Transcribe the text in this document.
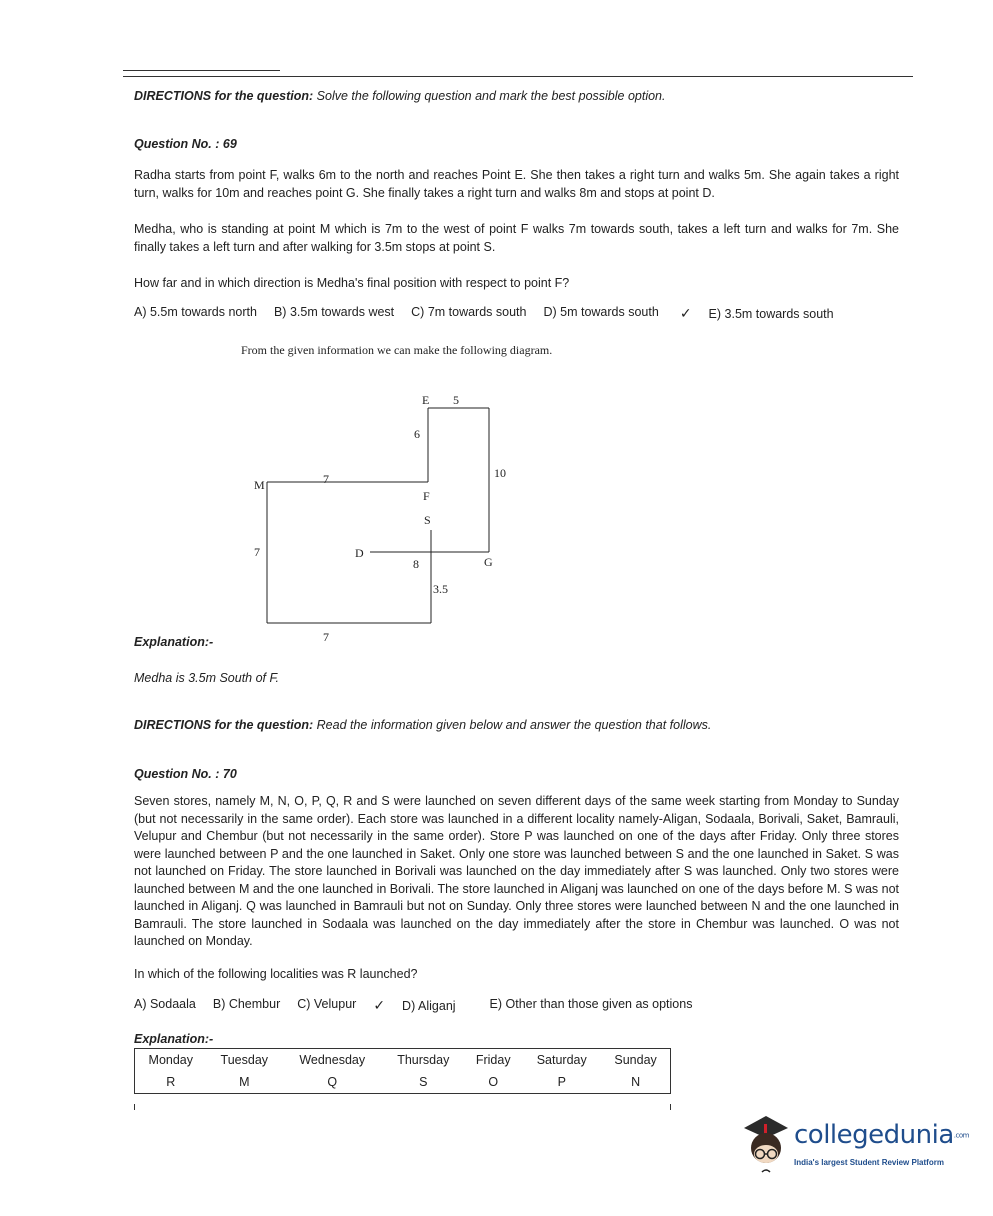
DIRECTIONS for the question: Solve the following question and mark the best possible option.
Question No. : 69
Radha starts from point F, walks 6m to the north and reaches Point E. She then takes a right turn and walks 5m. She again takes a right turn, walks for 10m and reaches point G. She finally takes a right turn and walks 8m and stops at point D.
Medha, who is standing at point M which is 7m to the west of point F walks 7m towards south, takes a left turn and walks for 7m. She finally takes a left turn and after walking for 3.5m stops at point S.
How far and in which direction is Medha's final position with respect to point F?
A) 5.5m towards north B) 3.5m towards west C) 7m towards south D) 5m towards south ✓ E) 3.5m towards south
From the given information we can make the following diagram.
E 5
6
10
M	7
F
S
7	D
8	G
3.5
7
Explanation:-
Medha is 3.5m South of F.
DIRECTIONS for the question: Read the information given below and answer the question that follows.
Question No. : 70
Seven stores, namely M, N, O, P, Q, R and S were launched on seven different days of the same week starting from Monday to Sunday (but not necessarily in the same order). Each store was launched in a different locality namely-Aligan, Sodaala, Borivali, Saket, Bamrauli, Velupur and Chembur (but not necessarily in the same order). Store P was launched on one of the days after Friday. Only three stores were launched between P and the one launched in Saket. Only one store was launched between S and the one launched in Saket. S was not launched on Friday. The store launched in Borivali was launched on the day immediately after S was launched. Only two stores were launched between M and the one launched in Borivali. The store launched in Aliganj was launched on one of the days before M. S was not launched in Aliganj. Q was launched in Bamrauli but not on Sunday. Only three stores were launched between N and the one launched in Bamrauli. The store launched in Sodaala was launched on the day immediately after the store in Chembur was launched. O was not launched on Monday.
In which of the following localities was R launched?
A) Sodaala B) Chembur C) Velupur ✓ D) Aliganj	E) Other than those given as options
Explanation:-
Monday	Tuesday	Wednesday	Thursday	Friday	Saturday	Sunday
R	M	Q	S	O	P	N
collegedunia.com
India's largest Student Review Platform
